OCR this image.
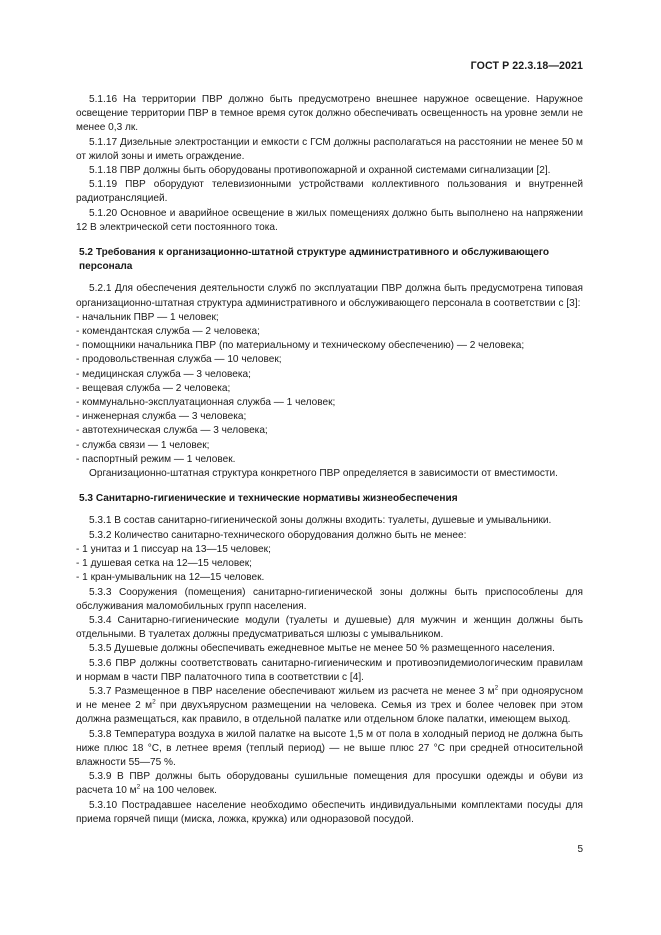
ГОСТ Р 22.3.18—2021

5.1.16 На территории ПВР должно быть предусмотрено внешнее наружное освещение. Наружное освещение территории ПВР в темное время суток должно обеспечивать освещенность на уровне земли не менее 0,3 лк.

5.1.17 Дизельные электростанции и емкости с ГСМ должны располагаться на расстоянии не менее 50 м от жилой зоны и иметь ограждение.

5.1.18 ПВР должны быть оборудованы противопожарной и охранной системами сигнализации [2].

5.1.19 ПВР оборудуют телевизионными устройствами коллективного пользования и внутренней радиотрансляцией.

5.1.20 Основное и аварийное освещение в жилых помещениях должно быть выполнено на напряжении 12 В электрической сети постоянного тока.

5.2 Требования к организационно-штатной структуре административного и обслуживающего персонала

5.2.1 Для обеспечения деятельности служб по эксплуатации ПВР должна быть предусмотрена типовая организационно-штатная структура административного и обслуживающего персонала в соответствии с [3]:

- начальник ПВР — 1 человек;

- комендантская служба — 2 человека;

- помощники начальника ПВР (по материальному и техническому обеспечению) — 2 человека;

- продовольственная служба — 10 человек;

- медицинская служба — 3 человека;

- вещевая служба — 2 человека;

- коммунально-эксплуатационная служба — 1 человек;

- инженерная служба — 3 человека;

- автотехническая служба — 3 человека;

- служба связи — 1 человек;

- паспортный режим — 1 человек.

Организационно-штатная структура конкретного ПВР определяется в зависимости от вместимости.

5.3 Санитарно-гигиенические и технические нормативы жизнеобеспечения

5.3.1 В состав санитарно-гигиенической зоны должны входить: туалеты, душевые и умывальники.

5.3.2 Количество санитарно-технического оборудования должно быть не менее:

- 1 унитаз и 1 писсуар на 13—15 человек;

- 1 душевая сетка на 12—15 человек;

- 1 кран-умывальник на 12—15 человек.

5.3.3 Сооружения (помещения) санитарно-гигиенической зоны должны быть приспособлены для обслуживания маломобильных групп населения.

5.3.4 Санитарно-гигиенические модули (туалеты и душевые) для мужчин и женщин должны быть отдельными. В туалетах должны предусматриваться шлюзы с умывальником.

5.3.5 Душевые должны обеспечивать ежедневное мытье не менее 50 % размещенного населения.

5.3.6 ПВР должны соответствовать санитарно-гигиеническим и противоэпидемиологическим правилам и нормам в части ПВР палаточного типа в соответствии с [4].

5.3.7 Размещенное в ПВР население обеспечивают жильем из расчета не менее 3 $м^2$ при одноярусном и не менее 2 $м^2$ при двухъярусном размещении на человека. Семья из трех и более человек при этом должна размещаться, как правило, в отдельной палатке или отдельном блоке палатки, имеющем выход.

5.3.8 Температура воздуха в жилой палатке на высоте 1,5 м от пола в холодный период не должна быть ниже плюс 18 °С, в летнее время (теплый период) — не выше плюс 27 °С при средней относительной влажности 55—75 %.

5.3.9 В ПВР должны быть оборудованы сушильные помещения для просушки одежды и обуви из расчета 10 $м^2$ на 100 человек.

5.3.10 Пострадавшее население необходимо обеспечить индивидуальными комплектами посуды для приема горячей пищи (миска, ложка, кружка) или одноразовой посудой.

5
